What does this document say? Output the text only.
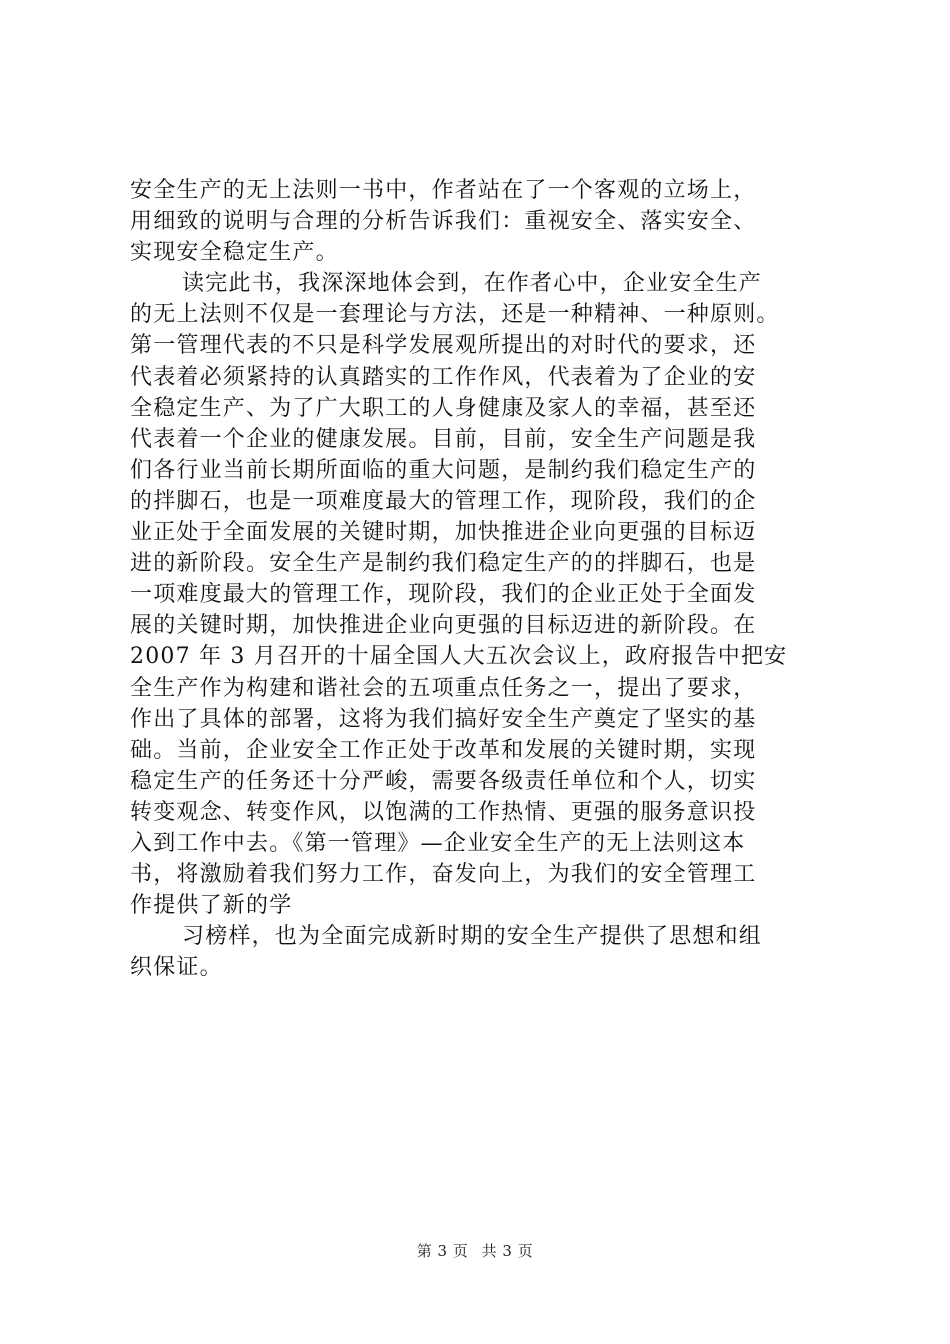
安全生产的无上法则一书中，作者站在了一个客观的立场上，
用细致的说明与合理的分析告诉我们：重视安全、落实安全、
实现安全稳定生产。
读完此书，我深深地体会到，在作者心中，企业安全生产
的无上法则不仅是一套理论与方法，还是一种精神、一种原则。
第一管理代表的不只是科学发展观所提出的对时代的要求，还
代表着必须紧持的认真踏实的工作作风，代表着为了企业的安
全稳定生产、为了广大职工的人身健康及家人的幸福，甚至还
代表着一个企业的健康发展。目前，目前，安全生产问题是我
们各行业当前长期所面临的重大问题，是制约我们稳定生产的
的拌脚石，也是一项难度最大的管理工作，现阶段，我们的企
业正处于全面发展的关键时期，加快推进企业向更强的目标迈
进的新阶段。安全生产是制约我们稳定生产的的拌脚石，也是
一项难度最大的管理工作，现阶段，我们的企业正处于全面发
展的关键时期，加快推进企业向更强的目标迈进的新阶段。在
2007 年 3 月召开的十届全国人大五次会议上，政府报告中把安
全生产作为构建和谐社会的五项重点任务之一，提出了要求，
作出了具体的部署，这将为我们搞好安全生产奠定了坚实的基
础。当前，企业安全工作正处于改革和发展的关键时期，实现
稳定生产的任务还十分严峻，需要各级责任单位和个人，切实
转变观念、转变作风，以饱满的工作热情、更强的服务意识投
入到工作中去。《第一管理》—企业安全生产的无上法则这本
书，将激励着我们努力工作，奋发向上，为我们的安全管理工
作提供了新的学
习榜样，也为全面完成新时期的安全生产提供了思想和组
织保证。
第 3 页 共 3 页
